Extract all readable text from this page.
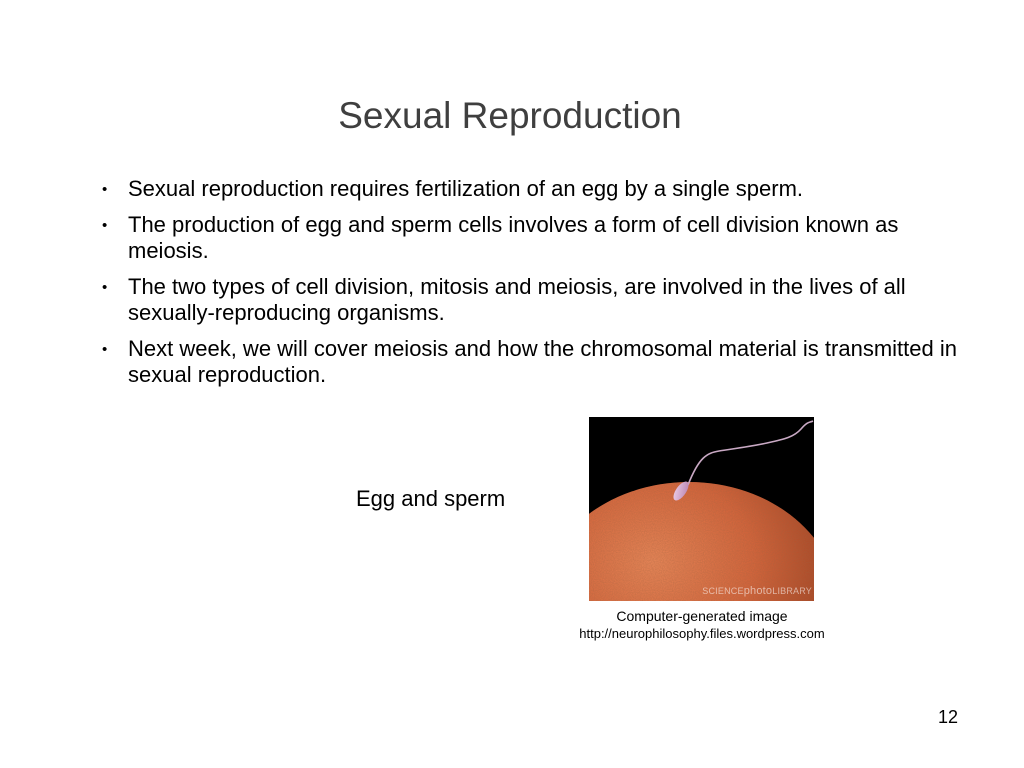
Sexual Reproduction
• Sexual reproduction requires fertilization of an egg by a single sperm.
• The production of egg and sperm cells involves a form of cell division known as meiosis.
• The two types of cell division, mitosis and meiosis, are involved in the lives of all sexually-reproducing organisms.
• Next week, we will cover meiosis and how the chromosomal material is transmitted in sexual reproduction.
Egg and sperm
SCIENCEphotoLIBRARY
Computer-generated image
http://neurophilosophy.files.wordpress.com
12
